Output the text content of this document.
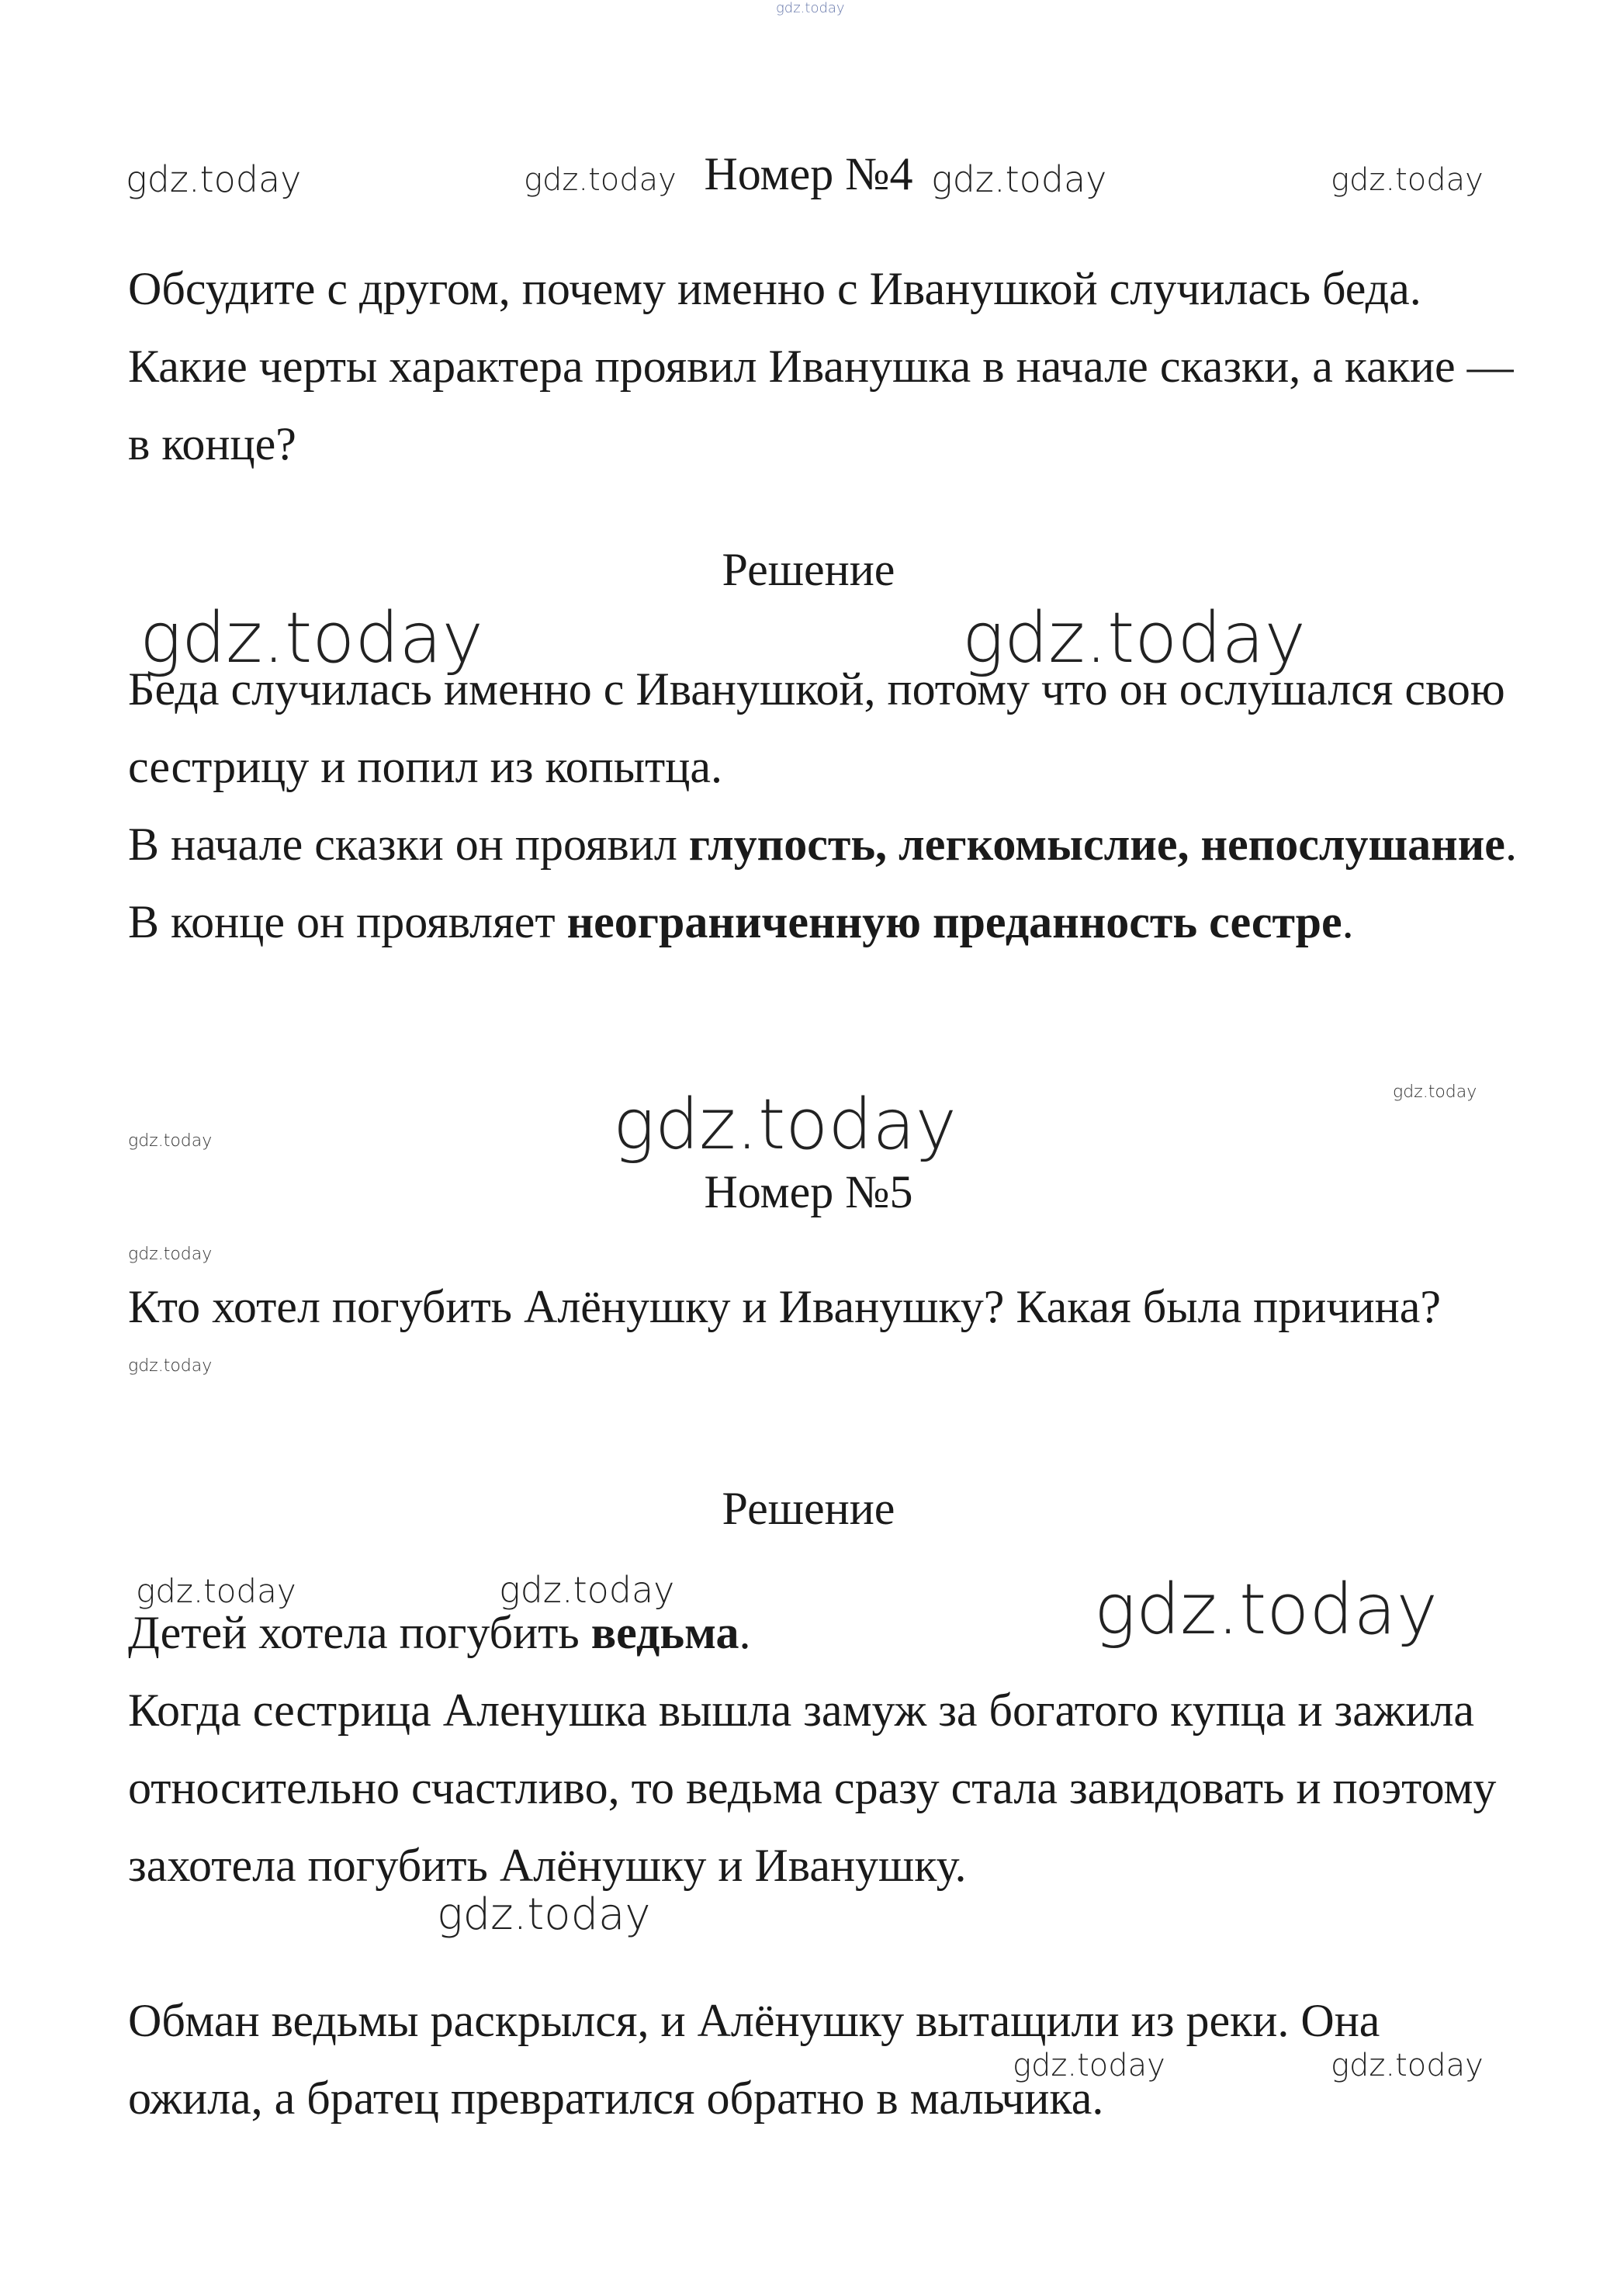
gdz.today
Номер №4
gdz.today	gdz.today	gdz.today	gdz.today

Обсудите с другом, почему именно с Иванушкой случилась беда. Какие черты характера проявил Иванушка в начале сказки, а какие — в конце?

Решение

Беда случилась именно с Иванушкой, потому что он ослушался свою сестрицу и попил из копытца.

В начале сказки он проявил глупость, легкомыслие, непослушание. В конце он проявляет неограниченную преданность сестре.

gdz.today	gdz.today
gdz.today
gdz.today	gdz.today
Номер №5
gdz.today

Кто хотел погубить Алёнушку и Иванушку? Какая была причина?

gdz.today
Решение
gdz.today	gdz.today	gdz.today

Детей хотела погубить ведьма.

Когда сестрица Аленушка вышла замуж за богатого купца и зажила относительно счастливо, то ведьма сразу стала завидовать и поэтому захотела погубить Алёнушку и Иванушку.

gdz.today

Обман ведьмы раскрылся, и Алёнушку вытащили из реки. Она ожила, а братец превратился обратно в мальчика.

gdz.today	gdz.today
